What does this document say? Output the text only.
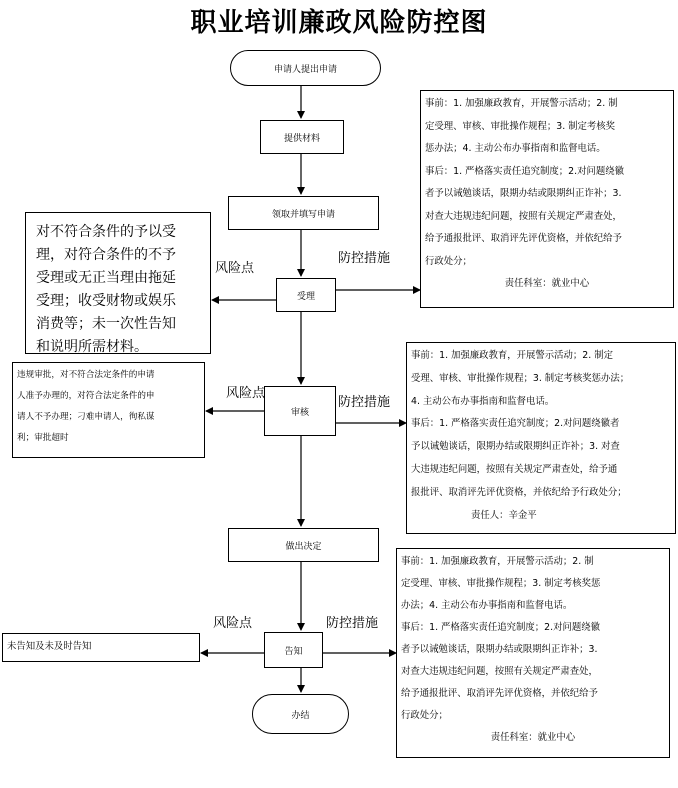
职业培训廉政风险防控图
申请人提出申请
提供材料
领取并填写申请
受理
审核
做出决定
告知
办结
风险点
防控措施
风险点
防控措施
风险点	防控措施
对不符合条件的予以受
理，对符合条件的不予
受理或无正当理由拖延
受理；收受财物或娱乐
消费等；未一次性告知
和说明所需材料。
违规审批，对不符合法定条件的申请
人准予办理的，对符合法定条件的申
请人不予办理；刁难申请人，徇私谋
利；审批超时
未告知及未及时告知
事前：1. 加强廉政教育，开展警示活动；2. 制
定受理、审核、审批操作规程；3. 制定考核奖
惩办法；4. 主动公布办事指南和监督电话。
事后：1. 严格落实责任追究制度；2.对问题绕徽
者予以诫勉谈话，限期办结或限期纠正诈补；3.
对查大违规违纪问题，按照有关规定严肃查处，
给予通报批评、取消评先评优资格，并依纪给予
行政处分；
责任科室：就业中心
事前：1. 加强廉政教育，开展警示活动；2. 制定
受理、审核、审批操作规程；3. 制定考核奖惩办法；
4. 主动公布办事指南和监督电话。
事后：1. 严格落实责任追究制度；2.对问题绕徽者
予以诫勉谈话，限期办结或限期纠正诈补；3. 对查
大违规违纪问题，按照有关规定严肃查处，给予通
报批评、取消评先评优资格，并依纪给予行政处分；
责任人：辛金平
事前：1. 加强廉政教育，开展警示活动；2. 制
定受理、审核、审批操作规程；3. 制定考核奖惩
办法；4. 主动公布办事指南和监督电话。
事后：1. 严格落实责任追究制度；2.对问题绕徽
者予以诫勉谈话，限期办结或限期纠正诈补；3.
对查大违规违纪问题，按照有关规定严肃查处，
给予通报批评、取消评先评优资格，并依纪给予
行政处分；
责任科室：就业中心
